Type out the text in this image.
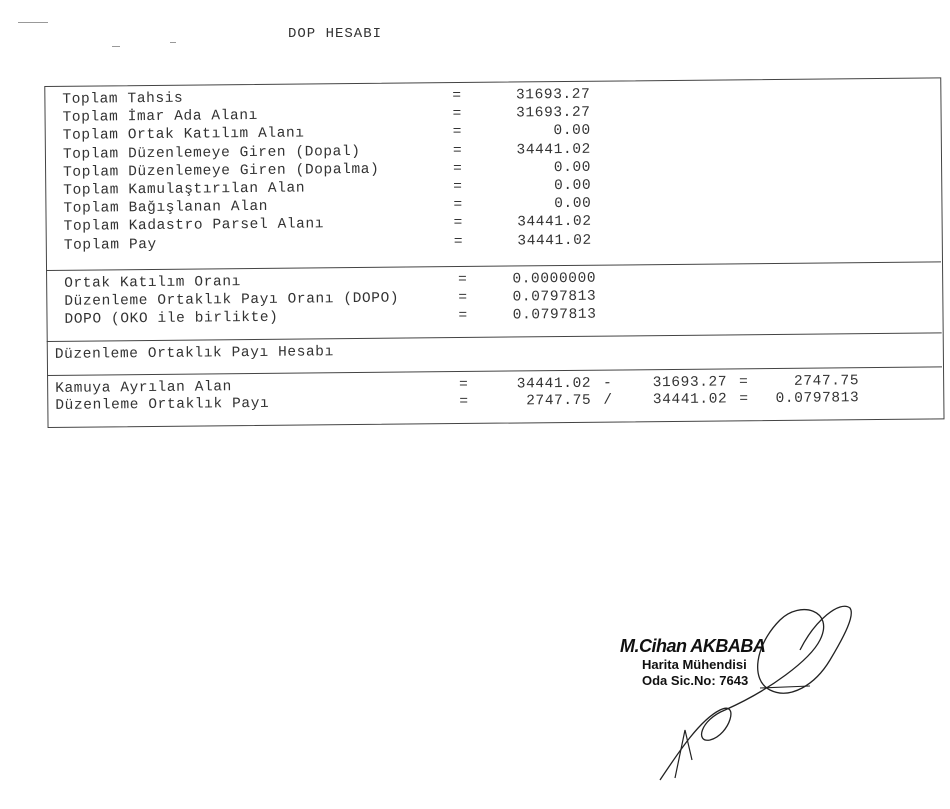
DOP HESABI
Toplam Tahsis	=	31693.27
Toplam İmar Ada Alanı	=	31693.27
Toplam Ortak Katılım Alanı	=	0.00
Toplam Düzenlemeye Giren (Dopal)	=	34441.02
Toplam Düzenlemeye Giren (Dopalma)	=	0.00
Toplam Kamulaştırılan Alan	=	0.00
Toplam Bağışlanan Alan	=	0.00
Toplam Kadastro Parsel Alanı	=	34441.02
Toplam Pay	=	34441.02
Ortak Katılım Oranı	=	0.0000000
Düzenleme Ortaklık Payı Oranı (DOPO)	=	0.0797813
DOPO (OKO ile birlikte)	=	0.0797813
Düzenleme Ortaklık Payı Hesabı
Kamuya Ayrılan Alan	=	34441.02 -	31693.27 =	2747.75
Düzenleme Ortaklık Payı	=	2747.75 /	34441.02 =	0.0797813
M.Cihan AKBABA
Harita Mühendisi
Oda Sic.No: 7643
